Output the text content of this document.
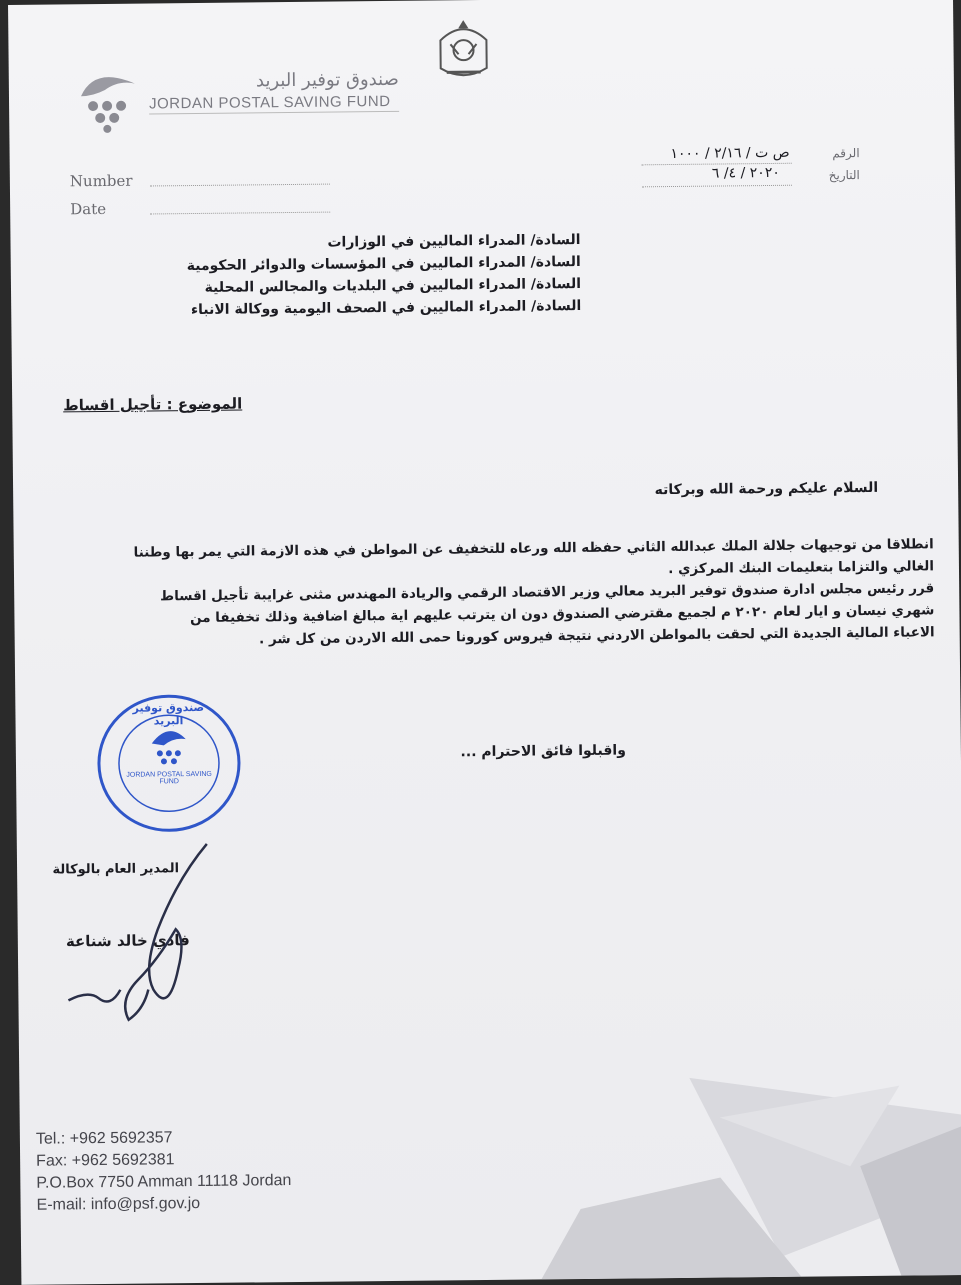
صندوق توفير البريد
JORDAN POSTAL SAVING FUND
Number
Date
ص ت / ٢/١٦ / ١٠٠٠	الرقم
٢٠٢٠ / ٤/ ٦	التاريخ
السادة/ المدراء الماليين في الوزارات
السادة/ المدراء الماليين في المؤسسات والدوائر الحكومية
السادة/ المدراء الماليين في البلديات والمجالس المحلية
السادة/ المدراء الماليين في الصحف اليومية ووكالة الانباء
الموضوع : تأجيل اقساط
السلام عليكم ورحمة الله وبركاته
انطلاقا من توجيهات جلالة الملك عبدالله الثاني حفظه الله ورعاه للتخفيف عن المواطن في هذه الازمة التي يمر بها وطننا
الغالي والتزاما بتعليمات البنك المركزي .
قرر رئيس مجلس ادارة صندوق توفير البريد معالي وزير الاقتصاد الرقمي والريادة المهندس مثنى غرايبة تأجيل اقساط
شهري نيسان و ايار لعام ٢٠٢٠ م لجميع مقترضي الصندوق دون ان يترتب عليهم اية مبالغ اضافية وذلك تخفيفا من
الاعباء المالية الجديدة التي لحقت بالمواطن الاردني نتيجة فيروس كورونا حمى الله الاردن من كل شر .
واقبلوا فائق الاحترام ...
صندوق توفير البريد
JORDAN POSTAL SAVING FUND
المدير العام بالوكالة
فادي خالد شناعة
Tel.: +962 5692357
Fax: +962 5692381
P.O.Box 7750 Amman 11118 Jordan
E-mail: info@psf.gov.jo
